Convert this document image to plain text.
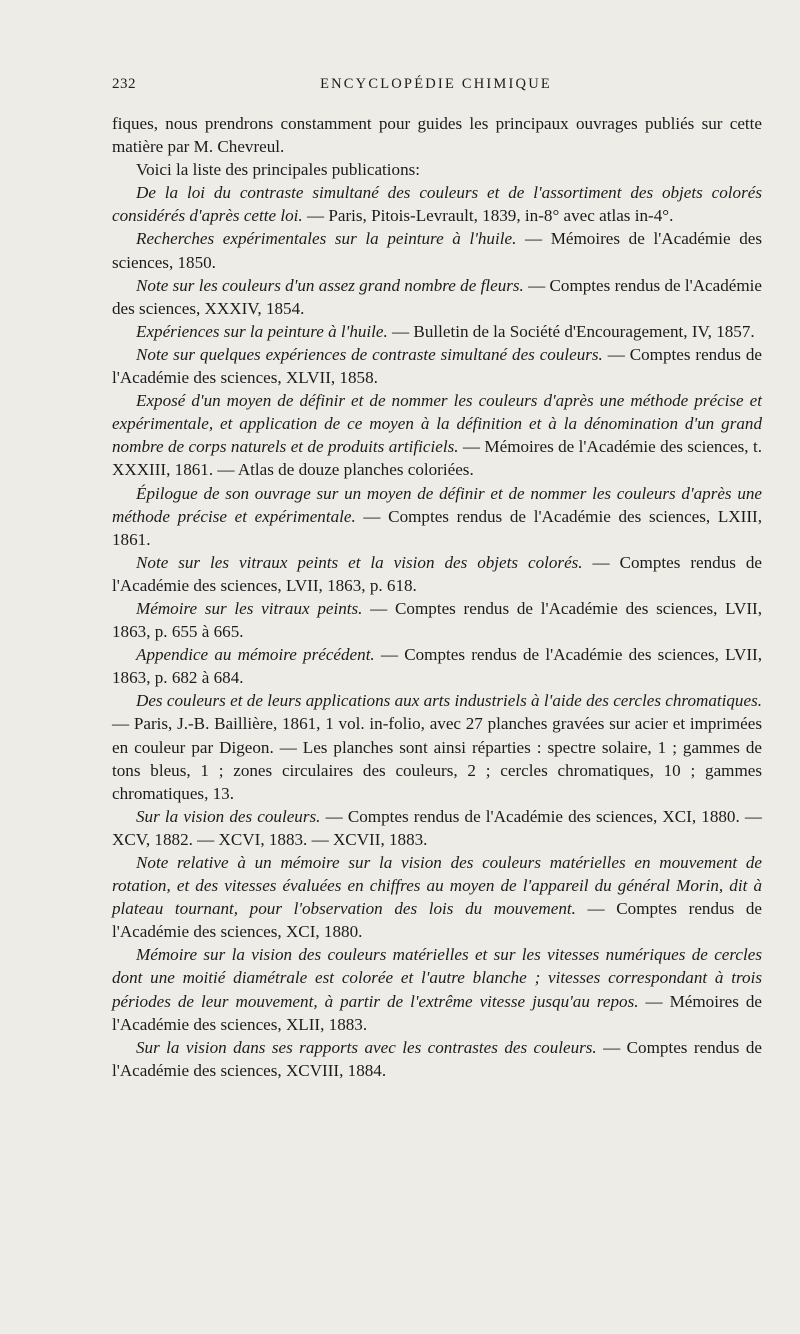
232	ENCYCLOPÉDIE CHIMIQUE

fiques, nous prendrons constamment pour guides les principaux ouvrages publiés sur cette matière par M. Chevreul.

Voici la liste des principales publications:

De la loi du contraste simultané des couleurs et de l'assortiment des objets colorés considérés d'après cette loi. — Paris, Pitois-Levrault, 1839, in-8° avec atlas in-4°.

Recherches expérimentales sur la peinture à l'huile. — Mémoires de l'Académie des sciences, 1850.

Note sur les couleurs d'un assez grand nombre de fleurs. — Comptes rendus de l'Académie des sciences, XXXIV, 1854.

Expériences sur la peinture à l'huile. — Bulletin de la Société d'Encouragement, IV, 1857.

Note sur quelques expériences de contraste simultané des couleurs. — Comptes rendus de l'Académie des sciences, XLVII, 1858.

Exposé d'un moyen de définir et de nommer les couleurs d'après une méthode précise et expérimentale, et application de ce moyen à la définition et à la dénomination d'un grand nombre de corps naturels et de produits artificiels. — Mémoires de l'Académie des sciences, t. XXXIII, 1861. — Atlas de douze planches coloriées.

Épilogue de son ouvrage sur un moyen de définir et de nommer les couleurs d'après une méthode précise et expérimentale. — Comptes rendus de l'Académie des sciences, LXIII, 1861.

Note sur les vitraux peints et la vision des objets colorés. — Comptes rendus de l'Académie des sciences, LVII, 1863, p. 618.

Mémoire sur les vitraux peints. — Comptes rendus de l'Académie des sciences, LVII, 1863, p. 655 à 665.

Appendice au mémoire précédent. — Comptes rendus de l'Académie des sciences, LVII, 1863, p. 682 à 684.

Des couleurs et de leurs applications aux arts industriels à l'aide des cercles chromatiques. — Paris, J.-B. Baillière, 1861, 1 vol. in-folio, avec 27 planches gravées sur acier et imprimées en couleur par Digeon. — Les planches sont ainsi réparties : spectre solaire, 1 ; gammes de tons bleus, 1 ; zones circulaires des couleurs, 2 ; cercles chromatiques, 10 ; gammes chromatiques, 13.

Sur la vision des couleurs. — Comptes rendus de l'Académie des sciences, XCI, 1880. — XCV, 1882. — XCVI, 1883. — XCVII, 1883.

Note relative à un mémoire sur la vision des couleurs matérielles en mouvement de rotation, et des vitesses évaluées en chiffres au moyen de l'appareil du général Morin, dit à plateau tournant, pour l'observation des lois du mouvement. — Comptes rendus de l'Académie des sciences, XCI, 1880.

Mémoire sur la vision des couleurs matérielles et sur les vitesses numériques de cercles dont une moitié diamétrale est colorée et l'autre blanche ; vitesses correspondant à trois périodes de leur mouvement, à partir de l'extrême vitesse jusqu'au repos. — Mémoires de l'Académie des sciences, XLII, 1883.

Sur la vision dans ses rapports avec les contrastes des couleurs. — Comptes rendus de l'Académie des sciences, XCVIII, 1884.
